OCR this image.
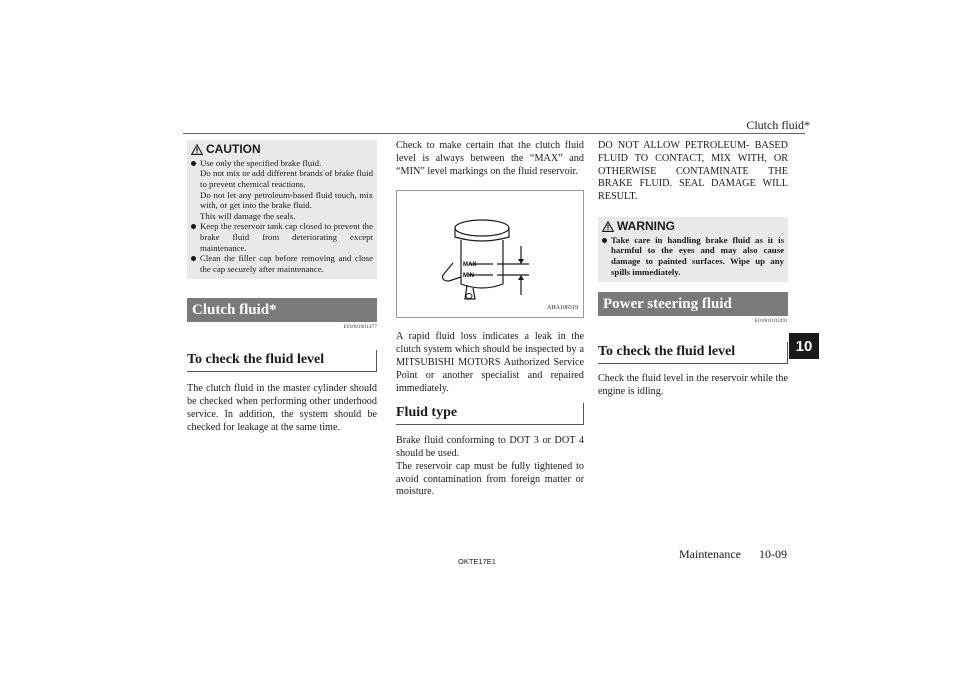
Clutch fluid*
10
CAUTION

Use only the specified brake fluid.

Do not mix or add different brands of brake fluid to prevent chemical reactions.

Do not let any petroleum-based fluid touch, mix with, or get into the brake fluid.

This will damage the seals.

Keep the reservoir tank cap closed to prevent the brake fluid from deteriorating except maintenance.

Clean the filler cap before removing and close the cap securely after maintenance.

Clutch fluid*
E01001001477
To check the fluid level

The clutch fluid in the master cylinder should be checked when performing other underhood service. In addition, the system should be checked for leakage at the same time.

Check to make certain that the clutch fluid level is always between the “MAX” and “MIN” level markings on the fluid reservoir.

MAX
MIN
AHA106519

A rapid fluid loss indicates a leak in the clutch system which should be inspected by a MITSUBISHI MOTORS Authorized Service Point or another specialist and repaired immediately.

Fluid type

Brake fluid conforming to DOT 3 or DOT 4 should be used.

The reservoir cap must be fully tightened to avoid contamination from foreign matter or moisture.

DO NOT ALLOW PETROLEUM- BASED FLUID TO CONTACT, MIX WITH, OR OTHERWISE CONTAMINATE THE BRAKE FLUID. SEAL DAMAGE WILL RESULT.

WARNING

Take care in handling brake fluid as it is harmful to the eyes and may also cause damage to painted surfaces. Wipe up any spills immediately.

Power steering fluid
E01001102491
To check the fluid level

Check the fluid level in the reservoir while the engine is idling.

OKTE17E1
Maintenance 10-09
